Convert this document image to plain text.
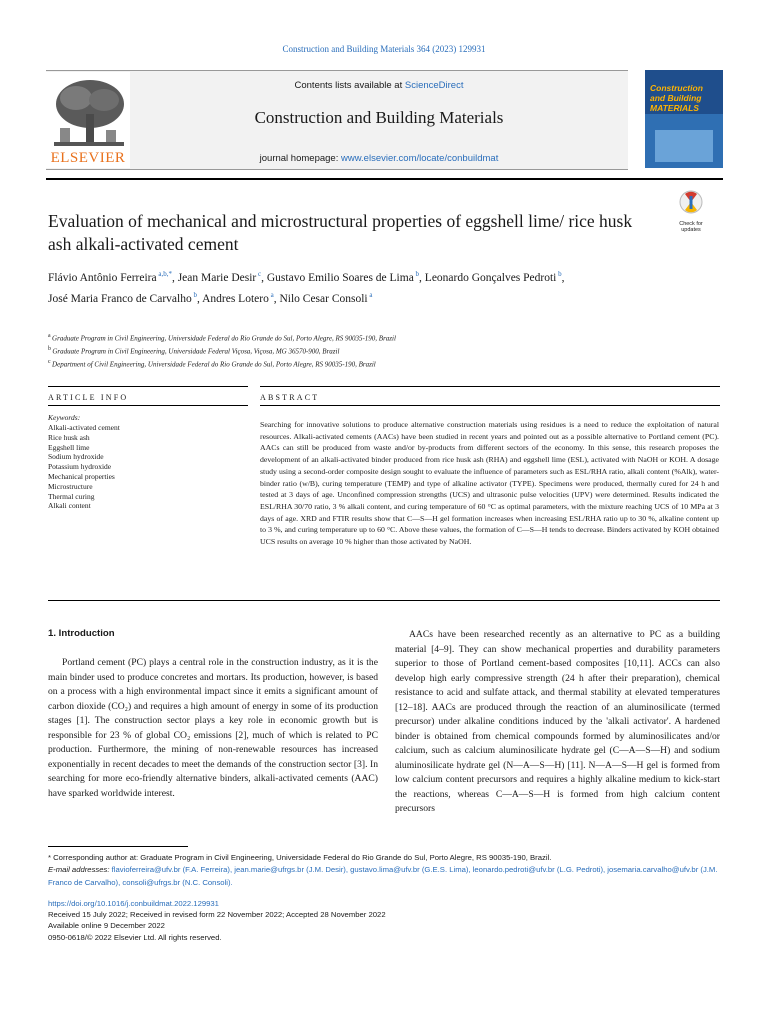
Construction and Building Materials 364 (2023) 129931
ELSEVIER
Contents lists available at ScienceDirect
Construction and Building Materials
journal homepage: www.elsevier.com/locate/conbuildmat
Construction and Building MATERIALS
Evaluation of mechanical and microstructural properties of eggshell lime/ rice husk ash alkali-activated cement
Check for updates
Flávio Antônio Ferreira $^{a,b,*}$, Jean Marie Desir $^c$, Gustavo Emilio Soares de Lima $^b$, Leonardo Gonçalves Pedroti $^b$, José Maria Franco de Carvalho $^b$, Andres Lotero $^a$, Nilo Cesar Consoli $^a$
$^a$ Graduate Program in Civil Engineering, Universidade Federal do Rio Grande do Sul, Porto Alegre, RS 90035-190, Brazil
$^b$ Graduate Program in Civil Engineering, Universidade Federal Viçosa, Viçosa, MG 36570-900, Brazil
$^c$ Department of Civil Engineering, Universidade Federal do Rio Grande do Sul, Porto Alegre, RS 90035-190, Brazil
ARTICLE INFO	ABSTRACT
Keywords:
Alkali-activated cement
Rice husk ash
Eggshell lime
Sodium hydroxide
Potassium hydroxide
Mechanical properties
Microstructure
Thermal curing
Alkali content
Searching for innovative solutions to produce alternative construction materials using residues is a need to reduce the exploitation of natural resources. Alkali-activated cements (AACs) have been studied in recent years and pointed out as a possible alternative to Portland cement (PC). AACs can still be produced from waste and/or by-products from different sectors of the economy. In this sense, this research proposes the development of an alkali-activated binder produced from rice husk ash (RHA) and eggshell lime (ESL), activated with NaOH or KOH. A dosage study using a second-order composite design sought to evaluate the influence of parameters such as ESL/RHA ratio, alkali content (%Alk), water-binder ratio (w/B), curing temperature (TEMP) and type of alkaline activator (TYPE). Specimens were produced, thermally cured for 24 h and tested at 3 days of age. Unconfined compression strengths (UCS) and ultrasonic pulse velocities (UPV) were determined. Results indicated the ESL/RHA 30/70 ratio, 3 % alkali content, and curing temperature of 60 °C as optimal parameters, with the mixture reaching UCS of 10 MPa at 3 days of age. XRD and FTIR results show that C—S—H gel formation increases when increasing ESL/RHA ratio up to 30 %, alkaline content up to 3 %, and curing temperature up to 60 °C. Above these values, the formation of C—S—H tends to decrease. Binders activated by KOH obtained UCS results on average 10 % higher than those activated by NaOH.
1. Introduction
Portland cement (PC) plays a central role in the construction industry, as it is the main binder used to produce concretes and mortars. Its production, however, is based on a process with a high environmental impact since it emits a significant amount of carbon dioxide (CO₂) and requires a high amount of energy in some of its production stages [1]. The construction sector plays a key role in economic growth but is responsible for 23 % of global CO₂ emissions [2], much of which is related to PC production. Furthermore, the mining of non-renewable resources has increased exponentially in recent decades to meet the demands of the construction sector [3]. In searching for more eco-friendly alternative binders, alkali-activated cements (AAC) have sparked worldwide interest.
AACs have been researched recently as an alternative to PC as a building material [4–9]. They can show mechanical properties and durability parameters superior to those of Portland cement-based composites [10,11]. ACCs can also develop high early compressive strength (24 h after their preparation), chemical resistance to acid and sulfate attack, and thermal stability at elevated temperatures [12–18]. AACs are produced through the reaction of an aluminosilicate (termed precursor) under alkaline conditions induced by the 'alkali activator'. A hardened binder is obtained from chemical compounds formed by aluminosilicates and/or calcium, such as calcium aluminosilicate hydrate gel (C—A—S—H) and sodium aluminosilicate hydrate gel (N—A—S—H) [11]. N—A—S—H gel is formed from low calcium content precursors and requires a highly alkaline medium to kick-start the reactions, whereas C—A—S—H is formed from high calcium content precursors
* Corresponding author at: Graduate Program in Civil Engineering, Universidade Federal do Rio Grande do Sul, Porto Alegre, RS 90035-190, Brazil.
E-mail addresses: flavioferreira@ufv.br (F.A. Ferreira), jean.marie@ufrgs.br (J.M. Desir), gustavo.lima@ufv.br (G.E.S. Lima), leonardo.pedroti@ufv.br (L.G. Pedroti), josemaria.carvalho@ufv.br (J.M. Franco de Carvalho), consoli@ufrgs.br (N.C. Consoli).
https://doi.org/10.1016/j.conbuildmat.2022.129931
Received 15 July 2022; Received in revised form 22 November 2022; Accepted 28 November 2022
Available online 9 December 2022
0950-0618/© 2022 Elsevier Ltd. All rights reserved.
